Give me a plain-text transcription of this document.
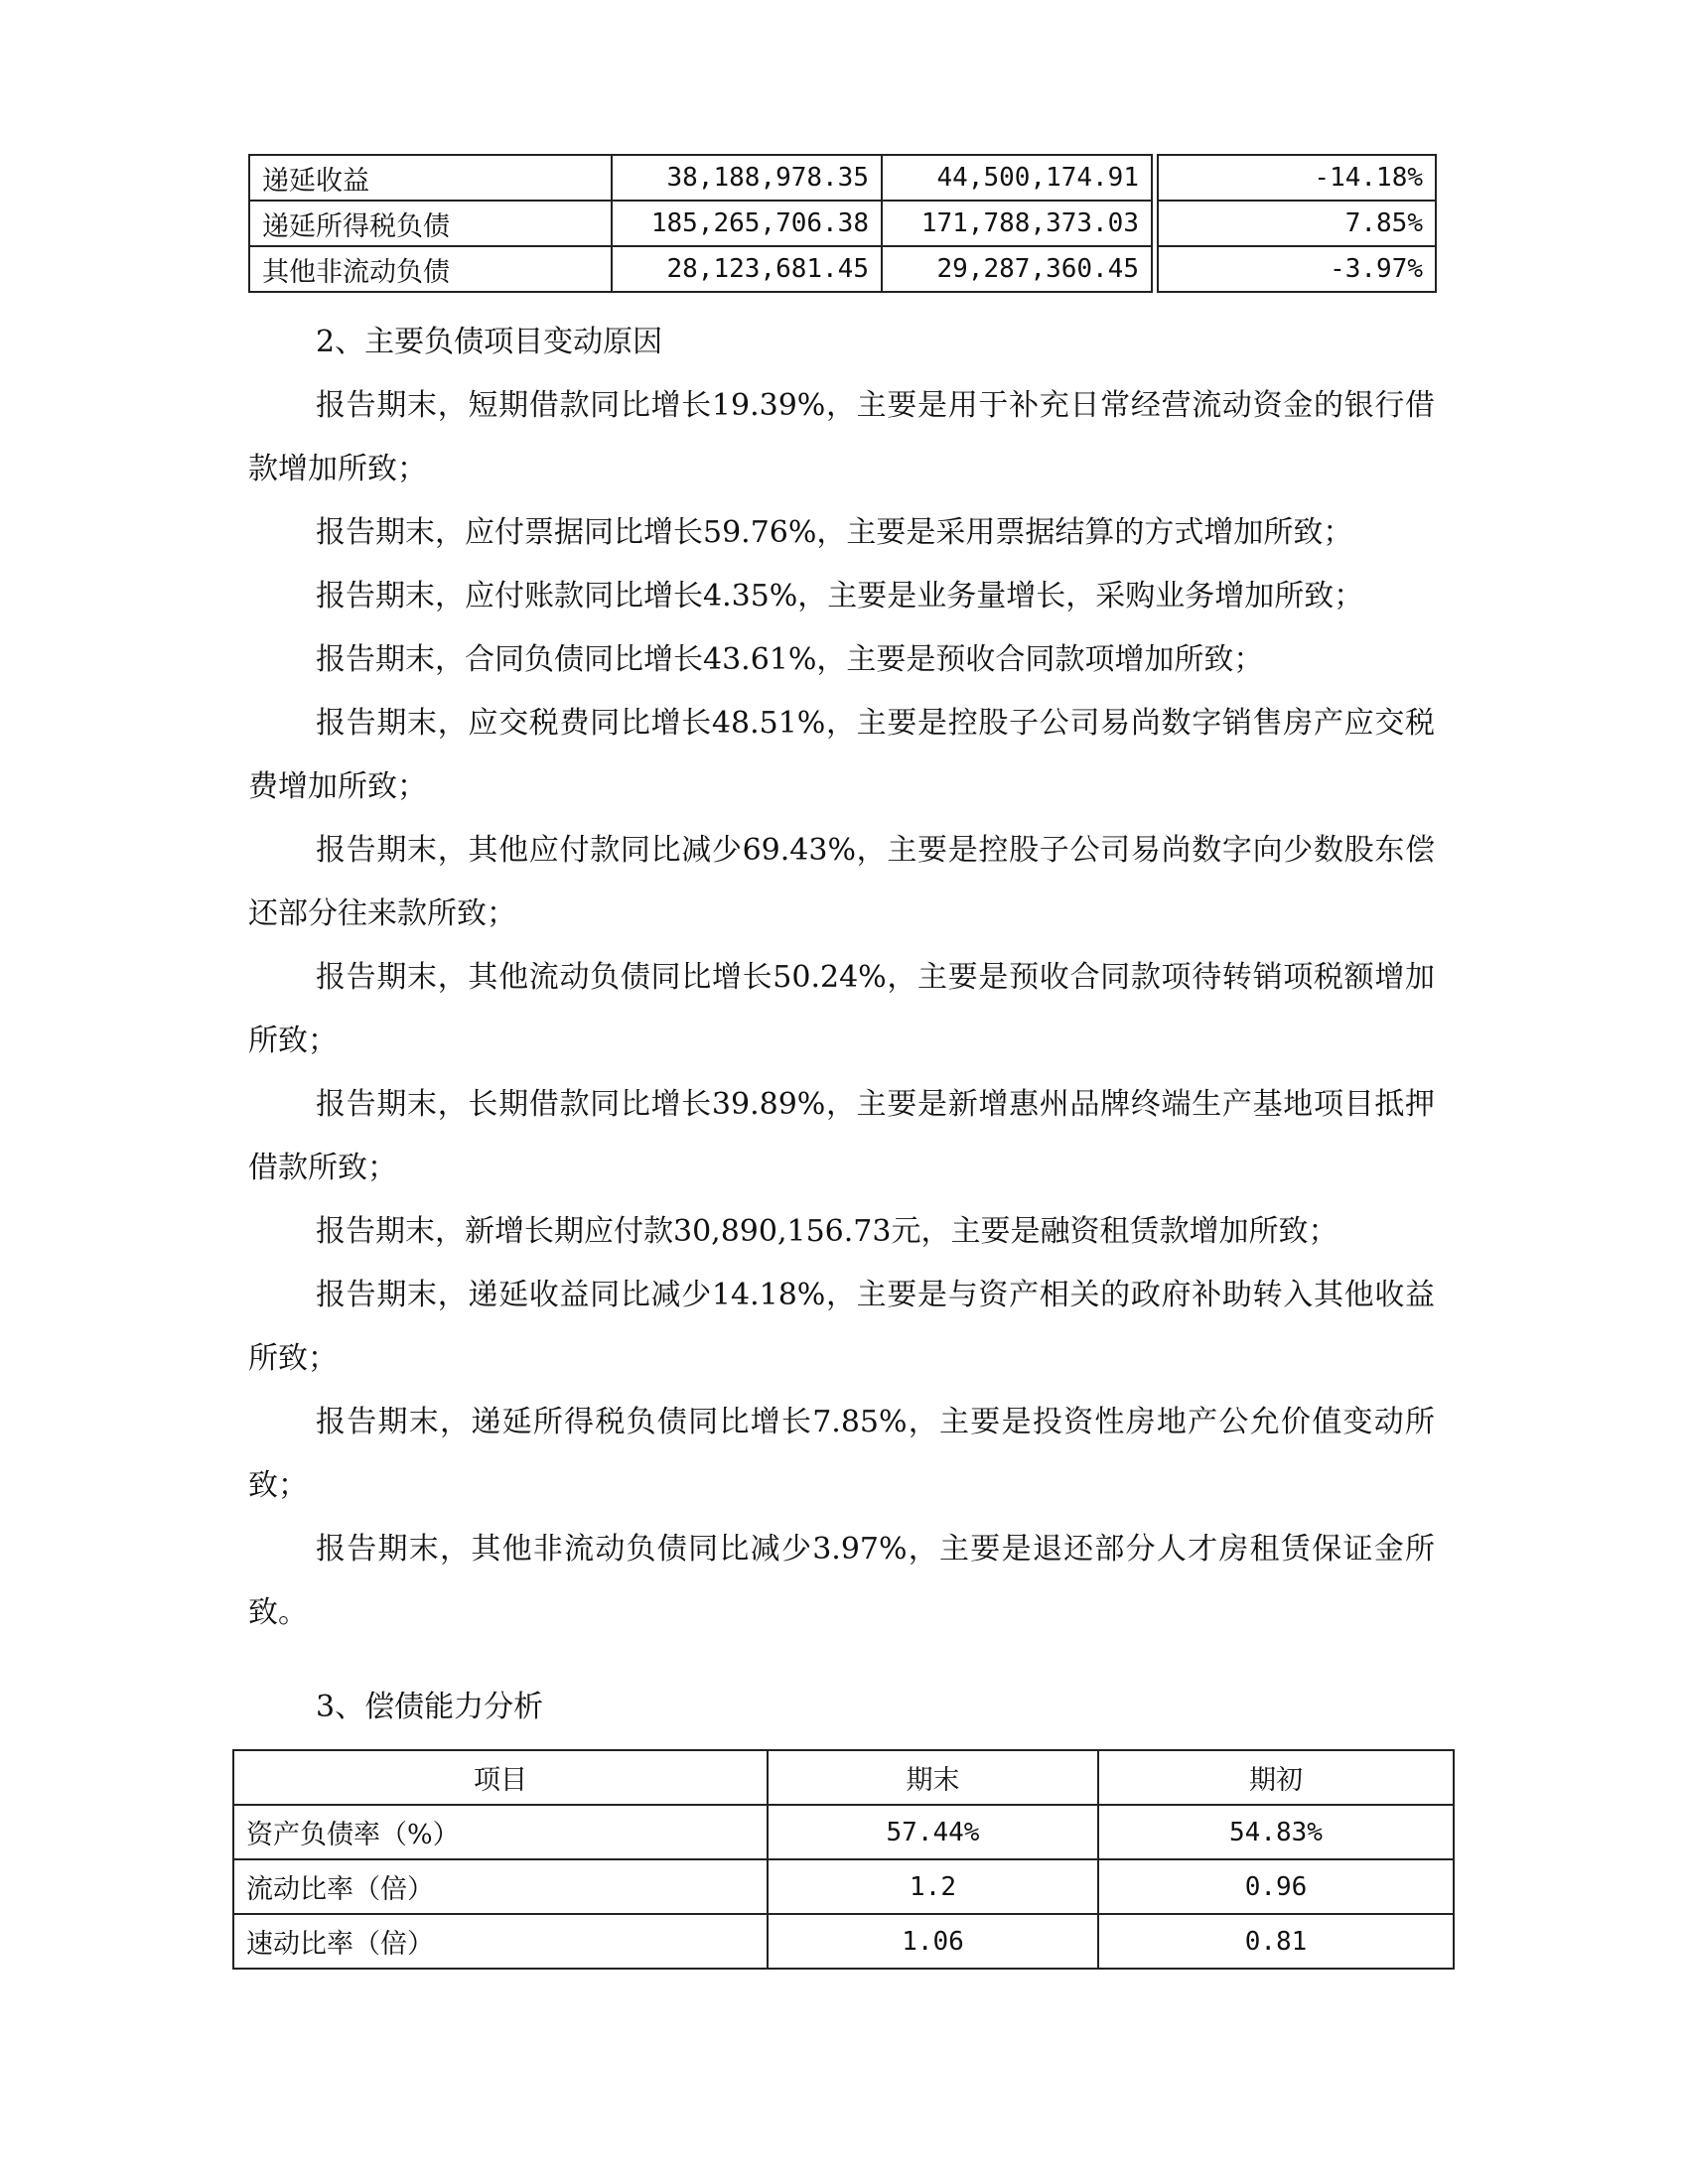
递延收益	38,188,978.35	44,500,174.91		-14.18%
递延所得税负债	185,265,706.38	171,788,373.03		7.85%
其他非流动负债	28,123,681.45	29,287,360.45		-3.97%
2、主要负债项目变动原因

报告期末，短期借款同比增长19.39%，主要是用于补充日常经营流动资金的银行借款增加所致；

报告期末，应付票据同比增长59.76%，主要是采用票据结算的方式增加所致；

报告期末，应付账款同比增长4.35%，主要是业务量增长，采购业务增加所致；

报告期末，合同负债同比增长43.61%，主要是预收合同款项增加所致；

报告期末，应交税费同比增长48.51%，主要是控股子公司易尚数字销售房产应交税费增加所致；

报告期末，其他应付款同比减少69.43%，主要是控股子公司易尚数字向少数股东偿还部分往来款所致；

报告期末，其他流动负债同比增长50.24%，主要是预收合同款项待转销项税额增加所致；

报告期末，长期借款同比增长39.89%，主要是新增惠州品牌终端生产基地项目抵押借款所致；

报告期末，新增长期应付款30,890,156.73元，主要是融资租赁款增加所致；

报告期末，递延收益同比减少14.18%，主要是与资产相关的政府补助转入其他收益所致；

报告期末，递延所得税负债同比增长7.85%，主要是投资性房地产公允价值变动所致；

报告期末，其他非流动负债同比减少3.97%，主要是退还部分人才房租赁保证金所致。

3、偿债能力分析
项目	期末	期初
资产负债率（%）	57.44%	54.83%
流动比率（倍）	1.2	0.96
速动比率（倍）	1.06	0.81
